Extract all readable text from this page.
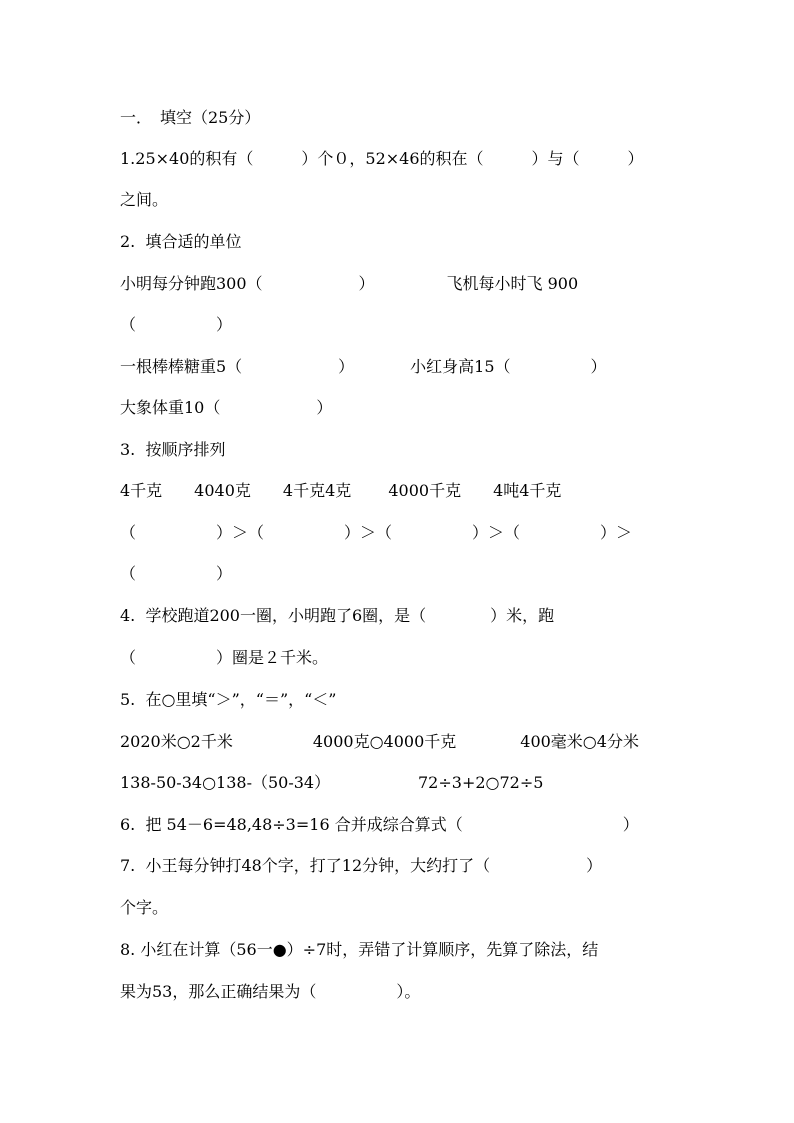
一．　填空（25分）
1.25×40的积有（　　　）个０，52×46的积在（　　　）与（　　　）
之间。
2.  填合适的单位
小明每分钟跑300（　　　　　　）　　　　　飞机每小时飞 900
（　　　　　）
一根棒棒糖重5（　　　　　　）　　　　小红身高15（　　　　　）
大象体重10（　　　　　　）
3.  按顺序排列
4千克　　4040克　　4千克4克　　 4000千克　　4吨4千克
（　　　　　）＞（　　　　　）＞（　　　　　）＞（　　　　　）＞
（　　　　　）
4.  学校跑道200一圈，小明跑了6圈，是（　　　　）米，跑
（　　　　　）圈是２千米。
5.  在○里填“＞”，“＝”，“＜”
2020米○2千米　　　　　4000克○4000千克　　　　400毫米○4分米
138-50-34○138-（50-34）	72÷3+2○72÷5
6.  把 54－6=48,48÷3=16 合并成综合算式（　　　　　　　　　　）
7.  小王每分钟打48个字，打了12分钟，大约打了（　　　　　　）
个字。
8. 小红在计算（56一●）÷7时，弄错了计算顺序，先算了除法，结
果为53，那么正确结果为（　　　　　）。
